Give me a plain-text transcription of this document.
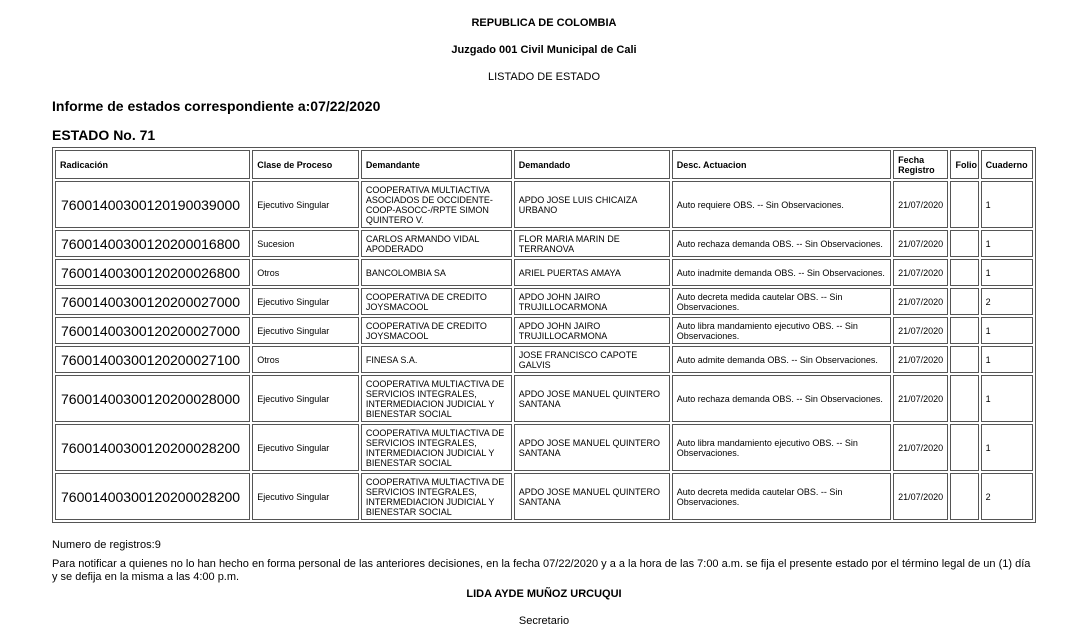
REPUBLICA DE COLOMBIA
Juzgado 001 Civil Municipal de Cali
LISTADO DE ESTADO
Informe de estados correspondiente a:07/22/2020
ESTADO No. 71
Radicación	Clase de Proceso	Demandante	Demandado	Desc. Actuacion	Fecha Registro	Folio	Cuaderno
76001400300120190039000	Ejecutivo Singular	COOPERATIVA MULTIACTIVA ASOCIADOS DE OCCIDENTE-COOP-ASOCC-/RPTE SIMON QUINTERO V.	APDO JOSE LUIS CHICAIZA URBANO	Auto requiere OBS. -- Sin Observaciones.	21/07/2020		1
76001400300120200016800	Sucesion	CARLOS ARMANDO VIDAL APODERADO	FLOR MARIA MARIN DE TERRANOVA	Auto rechaza demanda OBS. -- Sin Observaciones.	21/07/2020		1
76001400300120200026800	Otros	BANCOLOMBIA SA	ARIEL PUERTAS AMAYA	Auto inadmite demanda OBS. -- Sin Observaciones.	21/07/2020		1
76001400300120200027000	Ejecutivo Singular	COOPERATIVA DE CREDITO JOYSMACOOL	APDO JOHN JAIRO TRUJILLOCARMONA	Auto decreta medida cautelar OBS. -- Sin Observaciones.	21/07/2020		2
76001400300120200027000	Ejecutivo Singular	COOPERATIVA DE CREDITO JOYSMACOOL	APDO JOHN JAIRO TRUJILLOCARMONA	Auto libra mandamiento ejecutivo OBS. -- Sin Observaciones.	21/07/2020		1
76001400300120200027100	Otros	FINESA S.A.	JOSE FRANCISCO CAPOTE GALVIS	Auto admite demanda OBS. -- Sin Observaciones.	21/07/2020		1
76001400300120200028000	Ejecutivo Singular	COOPERATIVA MULTIACTIVA DE SERVICIOS INTEGRALES, INTERMEDIACION JUDICIAL Y BIENESTAR SOCIAL	APDO JOSE MANUEL QUINTERO SANTANA	Auto rechaza demanda OBS. -- Sin Observaciones.	21/07/2020		1
76001400300120200028200	Ejecutivo Singular	COOPERATIVA MULTIACTIVA DE SERVICIOS INTEGRALES, INTERMEDIACION JUDICIAL Y BIENESTAR SOCIAL	APDO JOSE MANUEL QUINTERO SANTANA	Auto libra mandamiento ejecutivo OBS. -- Sin Observaciones.	21/07/2020		1
76001400300120200028200	Ejecutivo Singular	COOPERATIVA MULTIACTIVA DE SERVICIOS INTEGRALES, INTERMEDIACION JUDICIAL Y BIENESTAR SOCIAL	APDO JOSE MANUEL QUINTERO SANTANA	Auto decreta medida cautelar OBS. -- Sin Observaciones.	21/07/2020		2
Numero de registros:9
Para notificar a quienes no lo han hecho en forma personal de las anteriores decisiones, en la fecha 07/22/2020 y a a la hora de las 7:00 a.m. se fija el presente estado por el término legal de un (1) día y se defija en la misma a las 4:00 p.m.
LIDA AYDE MUÑOZ URCUQUI
Secretario
